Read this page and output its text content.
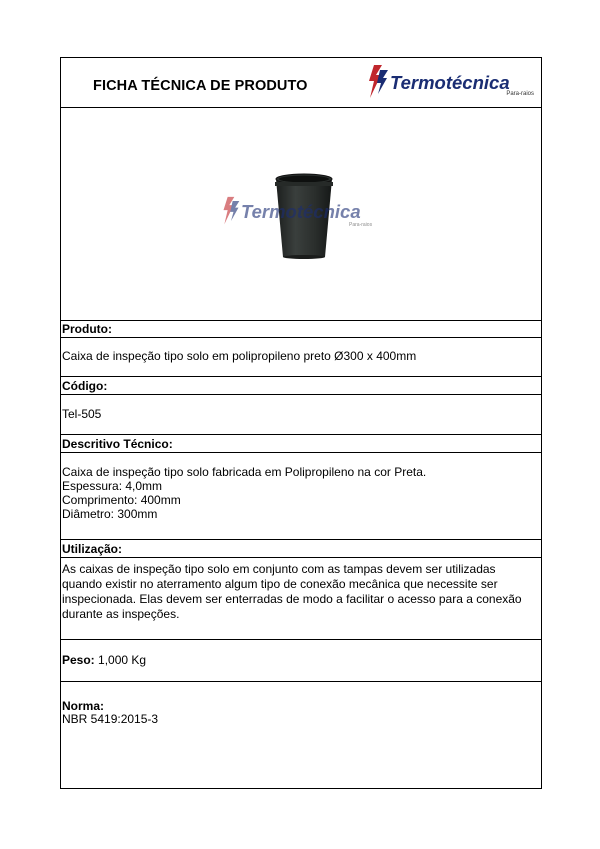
FICHA TÉCNICA DE PRODUTO	Termotécnica
Para-raios
Termotécnica
Para-raios
Produto:
Caixa de inspeção tipo solo em polipropileno preto Ø300 x 400mm
Código:
Tel-505
Descritivo Técnico:
Caixa de inspeção tipo solo fabricada em Polipropileno na cor Preta.
Espessura: 4,0mm
Comprimento: 400mm
Diâmetro: 300mm
Utilização:
As caixas de inspeção tipo solo em conjunto com as tampas devem ser utilizadas
quando existir no aterramento algum tipo de conexão mecânica que necessite ser
inspecionada. Elas devem ser enterradas de modo a facilitar o acesso para a conexão
durante as inspeções.
Peso: 1,000 Kg
Norma:
NBR 5419:2015-3
